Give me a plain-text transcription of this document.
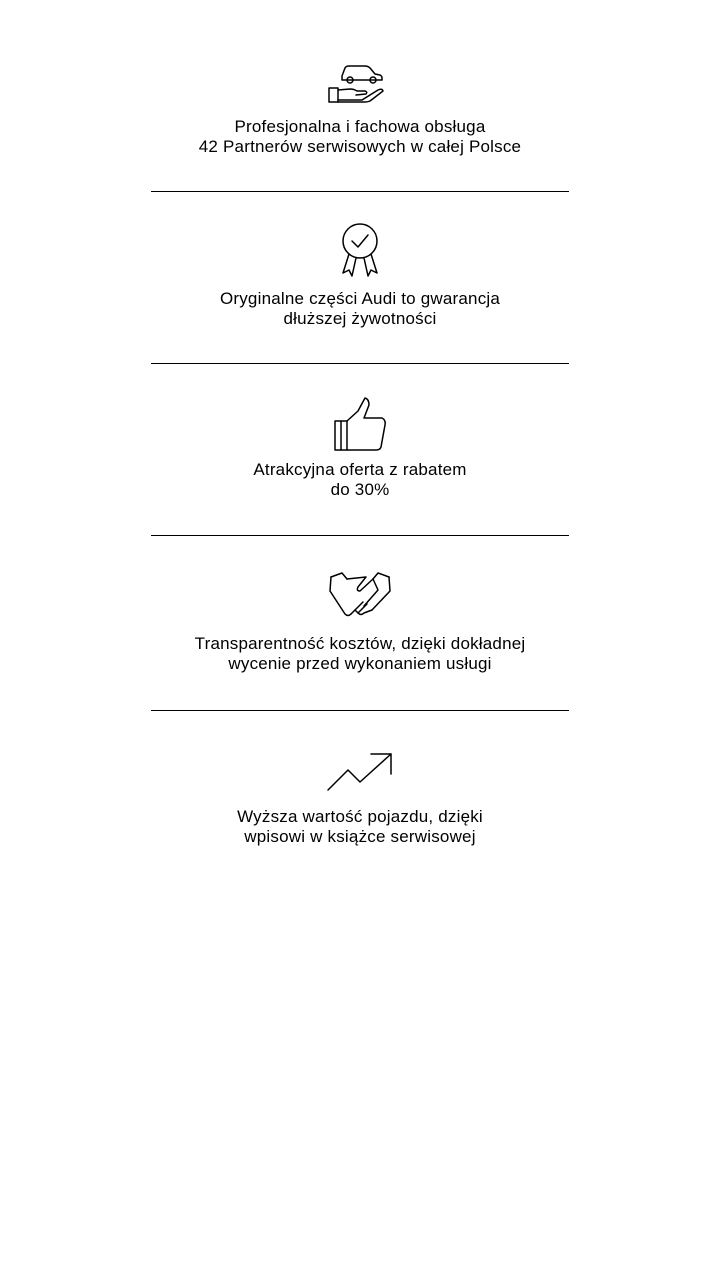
Profesjonalna i fachowa obsługa
42 Partnerów serwisowych w całej Polsce
Oryginalne części Audi to gwarancja
dłuższej żywotności
Atrakcyjna oferta z rabatem
do 30%
Transparentność kosztów, dzięki dokładnej
wycenie przed wykonaniem usługi
Wyższa wartość pojazdu, dzięki
wpisowi w książce serwisowej
